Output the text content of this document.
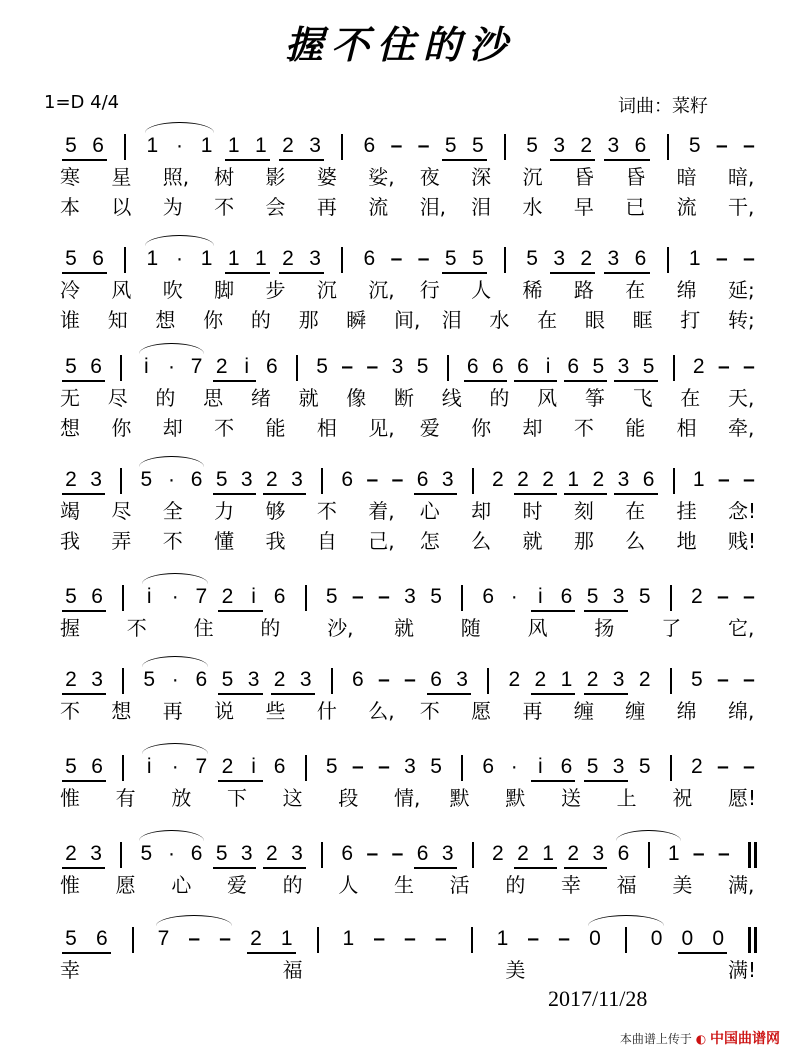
握不住的沙
1=D 4/4	词曲：菜籽
5 6 1 · 1 1 1 2 3 6 – – 5 5 5 3 2 3 6 5 – –
寒 星 照, 树 影 婆 娑, 夜 深 沉 昏 昏 暗 暗,
本 以 为 不 会 再 流 泪, 泪 水 早 已 流 干,
5 6 1 · 1 1 1 2 3 6 – – 5 5 5 3 2 3 6 1 – –
冷 风 吹 脚 步 沉 沉, 行 人 稀 路 在 绵 延;
谁 知 想 你 的 那 瞬 间, 泪 水 在 眼 眶 打 转;
5 6	i · 7 2 i 6 5 – – 3 5 6 6 6 i 6 5 3 5 2 – –
无 尽 的 思 绪 就 像 断 线 的 风 筝 飞 在 天,
想 你 却 不 能 相 见, 爱 你 却 不 能 相 牵,
2 3 5 · 6 5 3 2 3 6 – – 6 3 2 2 2 1 2 3 6 1 – –
竭 尽 全 力 够 不 着, 心 却 时 刻 在 挂 念!
我 弄 不 懂 我 自 己, 怎 么 就 那 么 地 贱!
5 6	i · 7 2 i 6 5 – – 3 5 6 · i 6 5 3 5 2 – –
握 不 住 的 沙, 就 随 风 扬 了 它,
2 3 5 · 6 5 3 2 3 6 – – 6 3 2 2 1 2 3 2 5 – –
不 想 再 说 些 什 么, 不 愿 再 缠 缠 绵 绵,
5 6	i · 7 2 i 6 5 – – 3 5 6 · i 6 5 3 5 2 – –
惟 有 放 下 这 段 情, 默 默 送 上 祝 愿!
2 3 5 · 6 5 3 2 3 6 – – 6 3 2 2 1 2 3 6 1 – –
惟 愿 心 爱 的 人 生 活 的 幸 福 美 满,
5 6 7 – – 2 1 1 – – – 1 – – 0 0 0 0
幸	福	美	满!
2017/11/28
本曲谱上传于 ◐ 中国曲谱网
